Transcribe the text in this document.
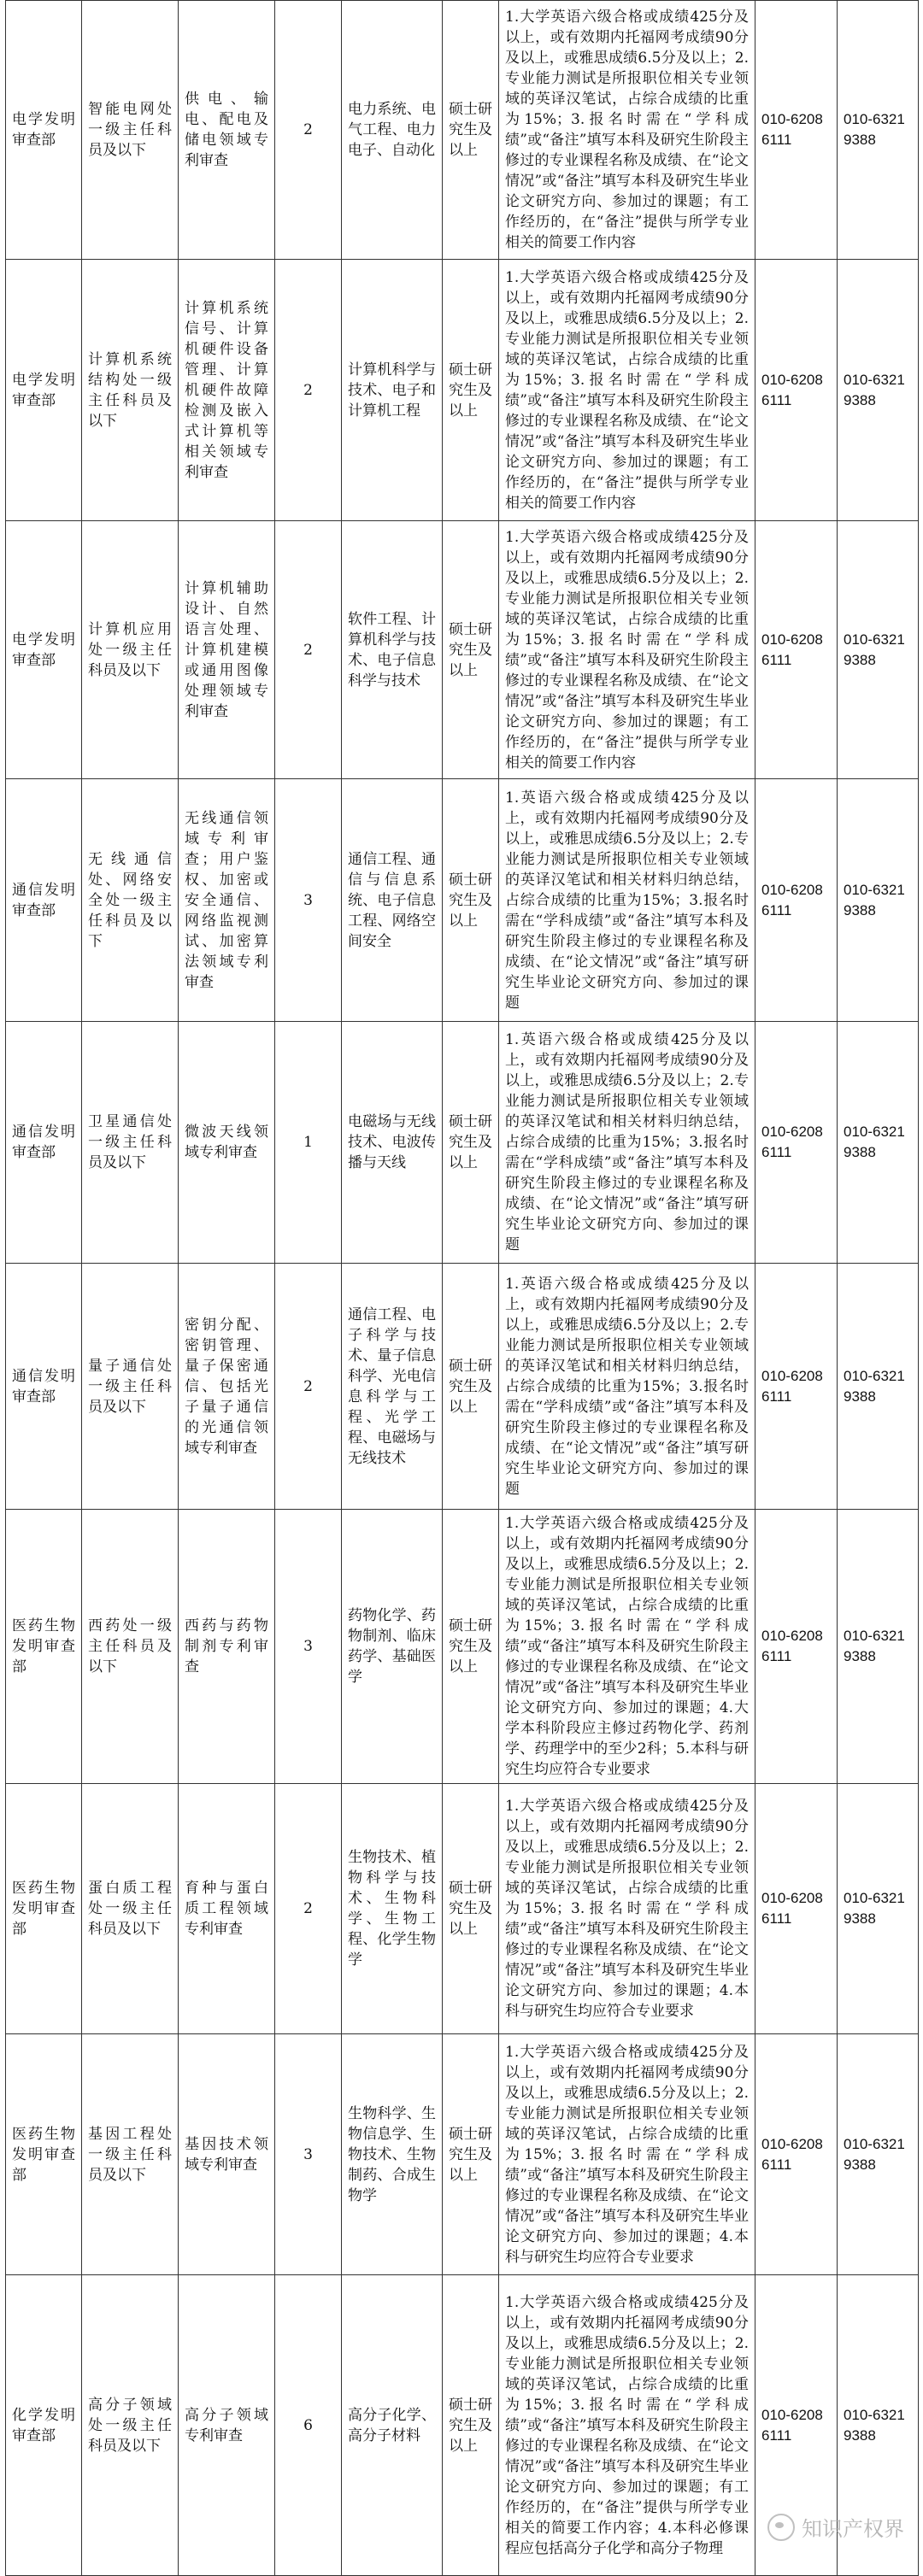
电学发明审查部	智能电网处一级主任科员及以下	供电、输电、配电及储电领域专利审查	2	电力系统、电气工程、电力电子、自动化	硕士研究生及以上	1.大学英语六级合格或成绩425分及以上，或有效期内托福网考成绩90分及以上，或雅思成绩6.5分及以上；2.专业能力测试是所报职位相关专业领域的英译汉笔试，占综合成绩的比重为15%；3.报名时需在“学科成绩”或“备注”填写本科及研究生阶段主修过的专业课程名称及成绩、在“论文情况”或“备注”填写本科及研究生毕业论文研究方向、参加过的课题；有工作经历的，在“备注”提供与所学专业相关的简要工作内容	010-62086111	010-63219388
电学发明审查部	计算机系统结构处一级主任科员及以下	计算机系统信号、计算机硬件设备管理、计算机硬件故障检测及嵌入式计算机等相关领域专利审查	2	计算机科学与技术、电子和计算机工程	硕士研究生及以上	1.大学英语六级合格或成绩425分及以上，或有效期内托福网考成绩90分及以上，或雅思成绩6.5分及以上；2.专业能力测试是所报职位相关专业领域的英译汉笔试，占综合成绩的比重为15%；3.报名时需在“学科成绩”或“备注”填写本科及研究生阶段主修过的专业课程名称及成绩、在“论文情况”或“备注”填写本科及研究生毕业论文研究方向、参加过的课题；有工作经历的，在“备注”提供与所学专业相关的简要工作内容	010-62086111	010-63219388
电学发明审查部	计算机应用处一级主任科员及以下	计算机辅助设计、自然语言处理、计算机建模或通用图像处理领域专利审查	2	软件工程、计算机科学与技术、电子信息科学与技术	硕士研究生及以上	1.大学英语六级合格或成绩425分及以上，或有效期内托福网考成绩90分及以上，或雅思成绩6.5分及以上；2.专业能力测试是所报职位相关专业领域的英译汉笔试，占综合成绩的比重为15%；3.报名时需在“学科成绩”或“备注”填写本科及研究生阶段主修过的专业课程名称及成绩、在“论文情况”或“备注”填写本科及研究生毕业论文研究方向、参加过的课题；有工作经历的，在“备注”提供与所学专业相关的简要工作内容	010-62086111	010-63219388
通信发明审查部	无线通信处、网络安全处一级主任科员及以下	无线通信领域专利审查；用户鉴权、加密或安全通信、网络监视测试、加密算法领域专利审查	3	通信工程、通信与信息系统、电子信息工程、网络空间安全	硕士研究生及以上	1.英语六级合格或成绩425分及以上，或有效期内托福网考成绩90分及以上，或雅思成绩6.5分及以上；2.专业能力测试是所报职位相关专业领域的英译汉笔试和相关材料归纳总结，占综合成绩的比重为15%；3.报名时需在“学科成绩”或“备注”填写本科及研究生阶段主修过的专业课程名称及成绩、在“论文情况”或“备注”填写研究生毕业论文研究方向、参加过的课题	010-62086111	010-63219388
通信发明审查部	卫星通信处一级主任科员及以下	微波天线领域专利审查	1	电磁场与无线技术、电波传播与天线	硕士研究生及以上	1.英语六级合格或成绩425分及以上，或有效期内托福网考成绩90分及以上，或雅思成绩6.5分及以上；2.专业能力测试是所报职位相关专业领域的英译汉笔试和相关材料归纳总结，占综合成绩的比重为15%；3.报名时需在“学科成绩”或“备注”填写本科及研究生阶段主修过的专业课程名称及成绩、在“论文情况”或“备注”填写研究生毕业论文研究方向、参加过的课题	010-62086111	010-63219388
通信发明审查部	量子通信处一级主任科员及以下	密钥分配、密钥管理、量子保密通信、包括光子量子通信的光通信领域专利审查	2	通信工程、电子科学与技术、量子信息科学、光电信息科学与工程、光学工程、电磁场与无线技术	硕士研究生及以上	1.英语六级合格或成绩425分及以上，或有效期内托福网考成绩90分及以上，或雅思成绩6.5分及以上；2.专业能力测试是所报职位相关专业领域的英译汉笔试和相关材料归纳总结，占综合成绩的比重为15%；3.报名时需在“学科成绩”或“备注”填写本科及研究生阶段主修过的专业课程名称及成绩、在“论文情况”或“备注”填写研究生毕业论文研究方向、参加过的课题	010-62086111	010-63219388
医药生物发明审查部	西药处一级主任科员及以下	西药与药物制剂专利审查	3	药物化学、药物制剂、临床药学、基础医学	硕士研究生及以上	1.大学英语六级合格或成绩425分及以上，或有效期内托福网考成绩90分及以上，或雅思成绩6.5分及以上；2.专业能力测试是所报职位相关专业领域的英译汉笔试，占综合成绩的比重为15%；3.报名时需在“学科成绩”或“备注”填写本科及研究生阶段主修过的专业课程名称及成绩、在“论文情况”或“备注”填写本科及研究生毕业论文研究方向、参加过的课题；4.大学本科阶段应主修过药物化学、药剂学、药理学中的至少2科；5.本科与研究生均应符合专业要求	010-62086111	010-63219388
医药生物发明审查部	蛋白质工程处一级主任科员及以下	育种与蛋白质工程领域专利审查	2	生物技术、植物科学与技术、生物科学、生物工程、化学生物学	硕士研究生及以上	1.大学英语六级合格或成绩425分及以上，或有效期内托福网考成绩90分及以上，或雅思成绩6.5分及以上；2.专业能力测试是所报职位相关专业领域的英译汉笔试，占综合成绩的比重为15%；3.报名时需在“学科成绩”或“备注”填写本科及研究生阶段主修过的专业课程名称及成绩、在“论文情况”或“备注”填写本科及研究生毕业论文研究方向、参加过的课题；4.本科与研究生均应符合专业要求	010-62086111	010-63219388
医药生物发明审查部	基因工程处一级主任科员及以下	基因技术领域专利审查	3	生物科学、生物信息学、生物技术、生物制药、合成生物学	硕士研究生及以上	1.大学英语六级合格或成绩425分及以上，或有效期内托福网考成绩90分及以上，或雅思成绩6.5分及以上；2.专业能力测试是所报职位相关专业领域的英译汉笔试，占综合成绩的比重为15%；3.报名时需在“学科成绩”或“备注”填写本科及研究生阶段主修过的专业课程名称及成绩、在“论文情况”或“备注”填写本科及研究生毕业论文研究方向、参加过的课题；4.本科与研究生均应符合专业要求	010-62086111	010-63219388
化学发明审查部	高分子领域处一级主任科员及以下	高分子领域专利审查	6	高分子化学、高分子材料	硕士研究生及以上	1.大学英语六级合格或成绩425分及以上，或有效期内托福网考成绩90分及以上，或雅思成绩6.5分及以上；2.专业能力测试是所报职位相关专业领域的英译汉笔试，占综合成绩的比重为15%；3.报名时需在“学科成绩”或“备注”填写本科及研究生阶段主修过的专业课程名称及成绩、在“论文情况”或“备注”填写本科及研究生毕业论文研究方向、参加过的课题；有工作经历的，在“备注”提供与所学专业相关的简要工作内容；4.本科必修课程应包括高分子化学和高分子物理	010-62086111	010-63219388
知识产权界
